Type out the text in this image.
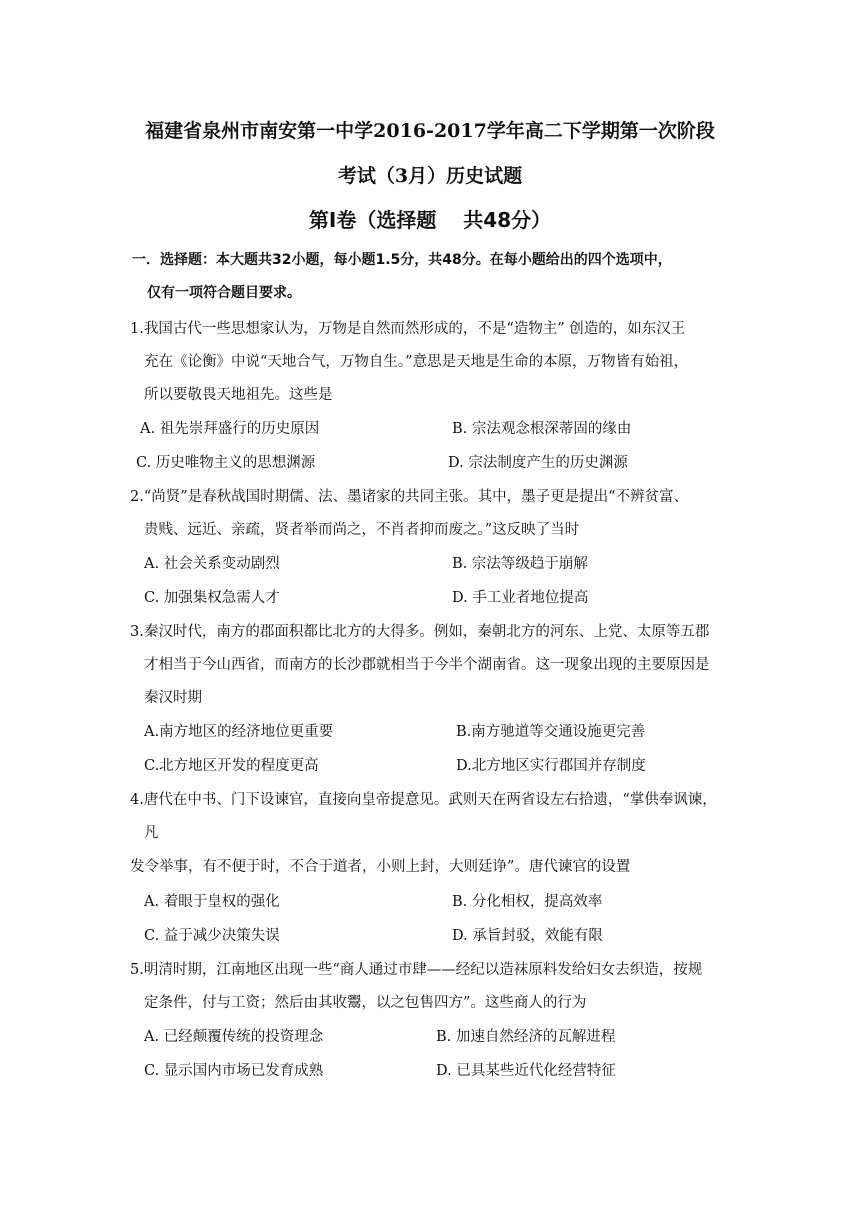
福建省泉州市南安第一中学2016-2017学年高二下学期第一次阶段
考试（3月）历史试题
第Ⅰ卷（选择题　 共48分）
一．选择题：本大题共32小题，每小题1.5分，共48分。在每小题给出的四个选项中，
仅有一项符合题目要求。
1.我国古代一些思想家认为，万物是自然而然形成的，不是“造物主” 创造的，如东汉王
充在《论衡》中说“天地合气，万物自生。”意思是天地是生命的本原，万物皆有始祖，
所以要敬畏天地祖先。这些是
A. 祖先崇拜盛行的历史原因	B. 宗法观念根深蒂固的缘由
C. 历史唯物主义的思想渊源	D. 宗法制度产生的历史渊源
2.“尚贤”是春秋战国时期儒、法、墨诸家的共同主张。其中，墨子更是提出“不辨贫富、
贵贱、远近、亲疏，贤者举而尚之，不肖者抑而废之。”这反映了当时
A. 社会关系变动剧烈	B. 宗法等级趋于崩解
C. 加强集权急需人才	D. 手工业者地位提高
3.秦汉时代，南方的郡面积都比北方的大得多。例如，秦朝北方的河东、上党、太原等五郡
才相当于今山西省，而南方的长沙郡就相当于今半个湖南省。这一现象出现的主要原因是
秦汉时期
A.南方地区的经济地位更重要	B.南方驰道等交通设施更完善
C.北方地区开发的程度更高	D.北方地区实行郡国并存制度
4.唐代在中书、门下设谏官，直接向皇帝提意见。武则天在两省设左右拾遗，“掌供奉讽谏，
凡
发令举事，有不便于时，不合于道者，小则上封，大则廷诤”。唐代谏官的设置
A. 着眼于皇权的强化	B. 分化相权，提高效率
C. 益于减少决策失误	D. 承旨封驳，效能有限
5.明清时期，江南地区出现一些“商人通过市肆——经纪以造袜原料发给妇女去织造，按规
定条件，付与工资；然后由其收鬻，以之包售四方”。这些商人的行为
A. 已经颠覆传统的投资理念	B. 加速自然经济的瓦解进程
C. 显示国内市场已发育成熟	D. 已具某些近代化经营特征
